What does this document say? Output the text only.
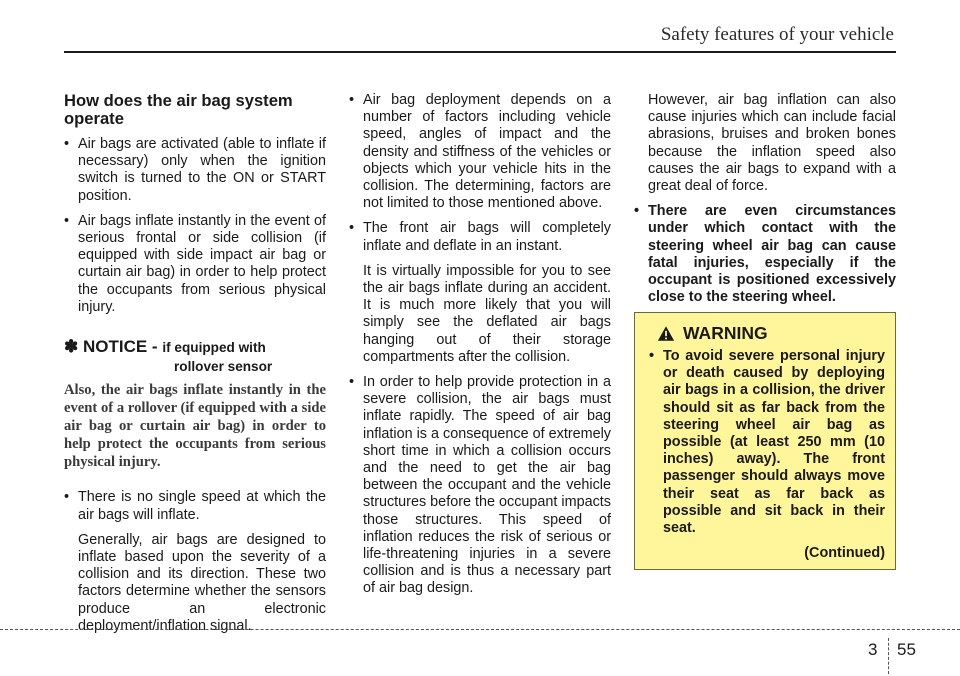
Safety features of your vehicle
How does the air bag system operate
• Air bags are activated (able to inflate if necessary) only when the ignition switch is turned to the ON or START position.
• Air bags inflate instantly in the event of serious frontal or side collision (if equipped with side impact air bag or curtain air bag) in order to help protect the occupants from serious physical injury.
✽ NOTICE - if equipped with
rollover sensor
Also, the air bags inflate instantly in the event of a rollover (if equipped with a side air bag or curtain air bag) in order to help protect the occupants from serious physical injury.
• There is no single speed at which the air bags will inflate.
Generally, air bags are designed to inflate based upon the severity of a collision and its direction. These two factors determine whether the sensors produce an electronic deployment/inflation signal.
• Air bag deployment depends on a number of factors including vehicle speed, angles of impact and the density and stiffness of the vehicles or objects which your vehicle hits in the collision. The determining, factors are not limited to those mentioned above.
• The front air bags will completely inflate and deflate in an instant.
It is virtually impossible for you to see the air bags inflate during an accident. It is much more likely that you will simply see the deflated air bags hanging out of their storage compartments after the collision.
• In order to help provide protection in a severe collision, the air bags must inflate rapidly. The speed of air bag inflation is a consequence of extremely short time in which a collision occurs and the need to get the air bag between the occupant and the vehicle structures before the occupant impacts those structures. This speed of inflation reduces the risk of serious or life-threatening injuries in a severe collision and is thus a necessary part of air bag design.
However, air bag inflation can also cause injuries which can include facial abrasions, bruises and broken bones because the inflation speed also causes the air bags to expand with a great deal of force.
• There are even circumstances under which contact with the steering wheel air bag can cause fatal injuries, especially if the occupant is positioned excessively close to the steering wheel.
WARNING
• To avoid severe personal injury or death caused by deploying air bags in a collision, the driver should sit as far back from the steering wheel air bag as possible (at least 250 mm (10 inches) away). The front passenger should always move their seat as far back as possible and sit back in their seat.
(Continued)
3 55
